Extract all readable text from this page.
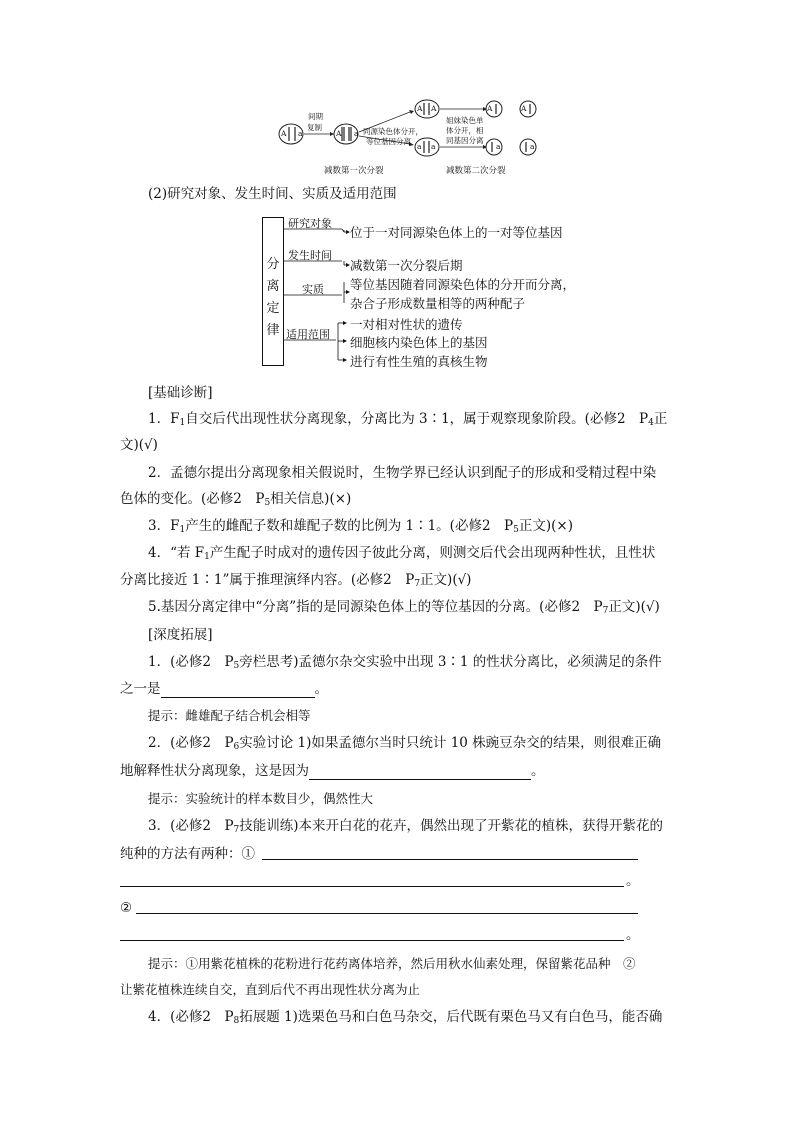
A a	A a
A A
a a
A	A
a	a
间期
复制	同源染色体分开，
等位基因分离
姐妹染色单
体分开，相
同基因分离
减数第一次分裂	减数第二次分裂
(2)研究对象、发生时间、实质及适用范围
分
离
定
律
研究对象
位于一对同源染色体上的一对等位基因
发生时间
减数第一次分裂后期
实质 等位基因随着同源染色体的分开而分离，
杂合子形成数量相等的两种配子
适用范围
一对相对性状的遗传
细胞核内染色体上的基因
进行有性生殖的真核生物
[基础诊断]
1．$F_1$自交后代出现性状分离现象，分离比为 3∶1，属于观察现象阶段。(必修2　$P_4$正
文)(√)
2．孟德尔提出分离现象相关假说时，生物学界已经认识到配子的形成和受精过程中染
色体的变化。(必修2　$P_5$相关信息)(×)
3．$F_1$产生的雌配子数和雄配子数的比例为 1∶1。(必修2　$P_5$正文)(×)
4．“若 $F_1$产生配子时成对的遗传因子彼此分离，则测交后代会出现两种性状，且性状
分离比接近 1∶1”属于推理演绎内容。(必修2　$P_7$正文)(√)
5.基因分离定律中“分离”指的是同源染色体上的等位基因的分离。(必修2　$P_7$正文)(√)
[深度拓展]
1．(必修2　$P_5$旁栏思考)孟德尔杂交实验中出现 3∶1 的性状分离比，必须满足的条件
之一是	。
提示：雌雄配子结合机会相等
2．(必修2　$P_6$实验讨论 1)如果孟德尔当时只统计 10 株豌豆杂交的结果，则很难正确
地解释性状分离现象，这是因为	。
提示：实验统计的样本数目少，偶然性大
3．(必修2　$P_7$技能训练)本来开白花的花卉，偶然出现了开紫花的植株，获得开紫花的
纯种的方法有两种：①
。
②
。
提示：①用紫花植株的花粉进行花药离体培养，然后用秋水仙素处理，保留紫花品种　②
让紫花植株连续自交，直到后代不再出现性状分离为止
4．(必修2　$P_8$拓展题 1)选栗色马和白色马杂交，后代既有栗色马又有白色马，能否确
